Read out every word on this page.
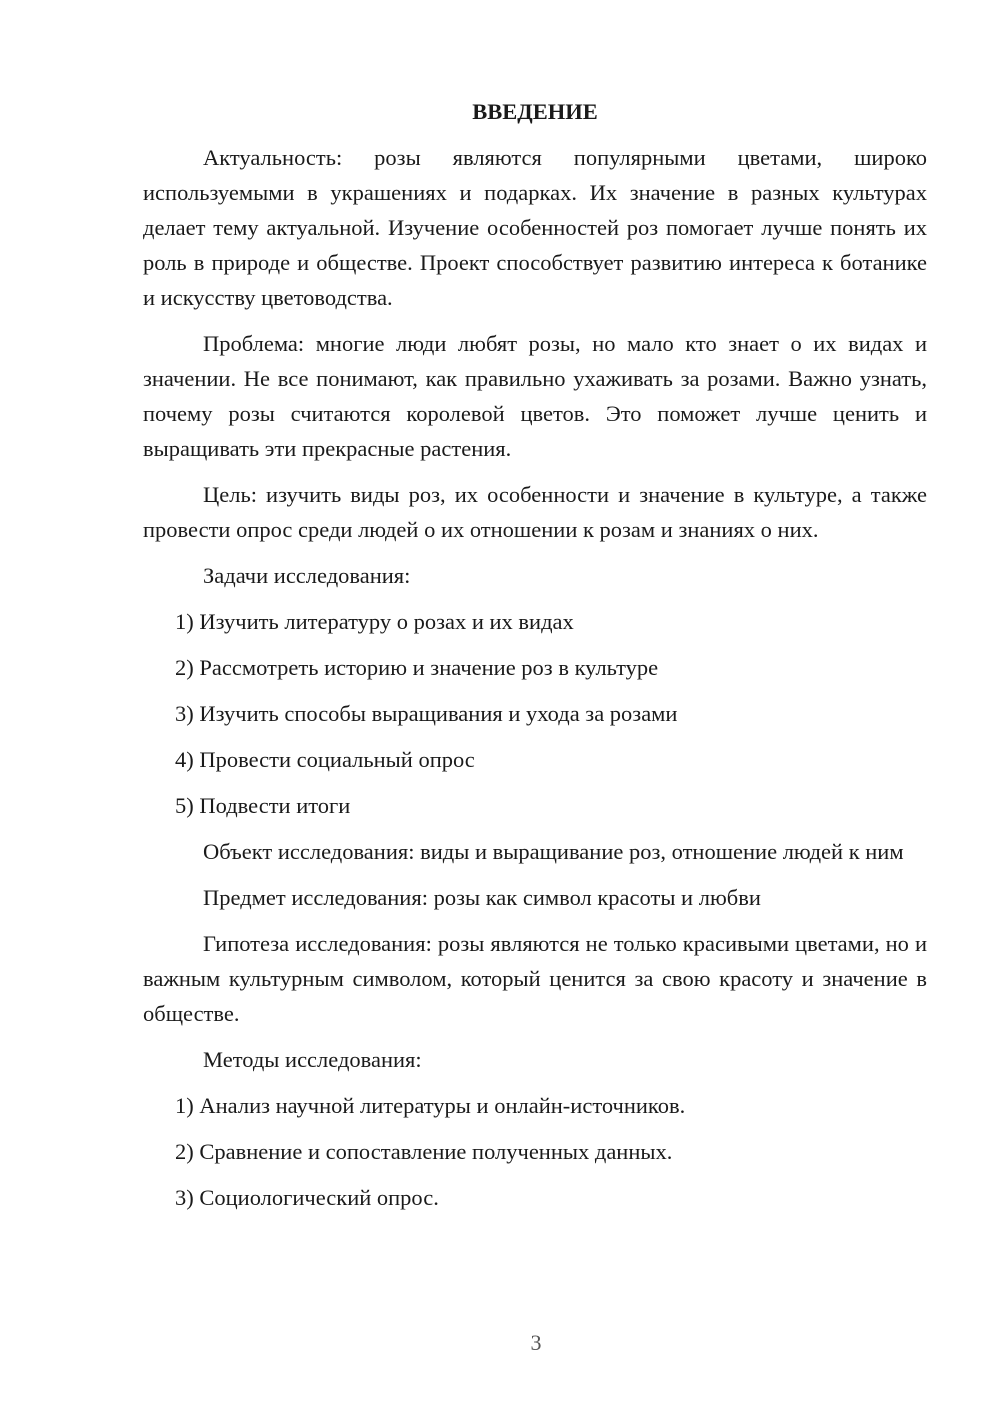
ВВЕДЕНИЕ

Актуальность: розы являются популярными цветами, широко используемыми в украшениях и подарках. Их значение в разных культурах делает тему актуальной. Изучение особенностей роз помогает лучше понять их роль в природе и обществе. Проект способствует развитию интереса к ботанике и искусству цветоводства.

Проблема: многие люди любят розы, но мало кто знает о их видах и значении. Не все понимают, как правильно ухаживать за розами. Важно узнать, почему розы считаются королевой цветов. Это поможет лучше ценить и выращивать эти прекрасные растения.

Цель: изучить виды роз, их особенности и значение в культуре, а также провести опрос среди людей о их отношении к розам и знаниях о них.

Задачи исследования:

1) Изучить литературу о розах и их видах

2) Рассмотреть историю и значение роз в культуре

3) Изучить способы выращивания и ухода за розами

4) Провести социальный опрос

5) Подвести итоги

Объект исследования: виды и выращивание роз, отношение людей к ним

Предмет исследования: розы как символ красоты и любви

Гипотеза исследования: розы являются не только красивыми цветами, но и важным культурным символом, который ценится за свою красоту и значение в обществе.

Методы исследования:

1) Анализ научной литературы и онлайн-источников.

2) Сравнение и сопоставление полученных данных.

3) Социологический опрос.

3
